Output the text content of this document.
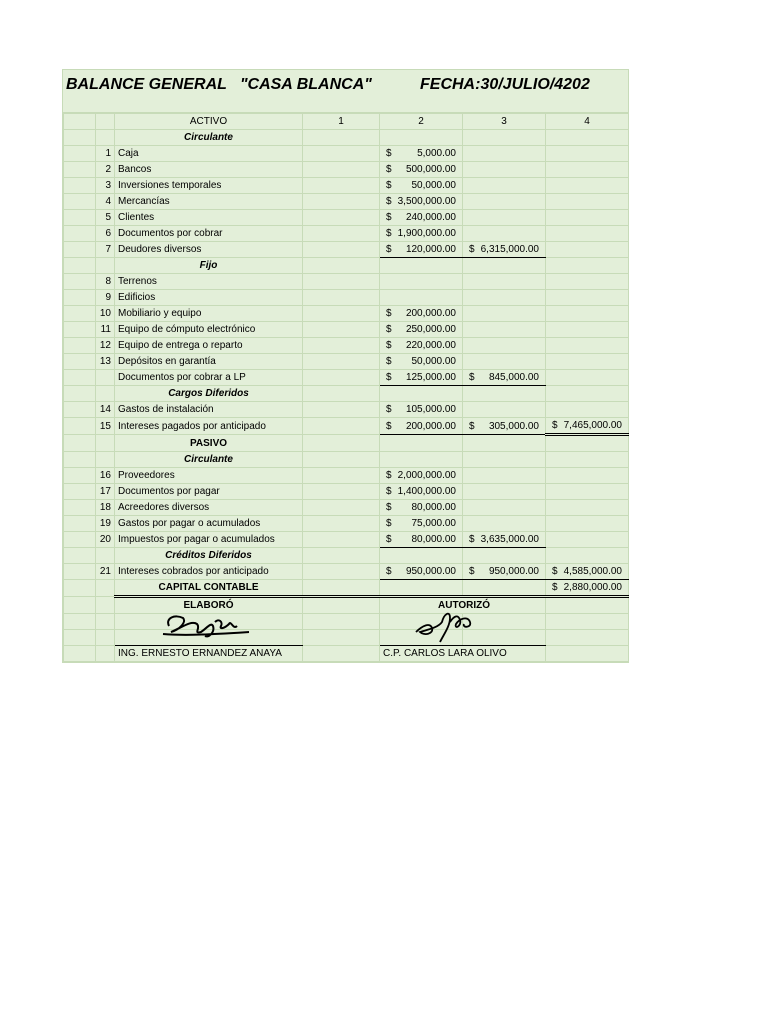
BALANCE GENERAL   "CASA BLANCA"	FECHA:30/JULIO/4202
		ACTIVO	1	2	3	4
		Circulante				
	1	Caja		$ 5,000.00		

	2	Bancos		$ 500,000.00		

	3	Inversiones temporales		$ 50,000.00		

	4	Mercancías		$ 3,500,000.00		

	5	Clientes		$ 240,000.00		

	6	Documentos por cobrar		$ 1,900,000.00		

	7	Deudores diversos		$ 120,000.00	$ 6,315,000.00	

		Fijo				
	8	Terrenos				
	9	Edificios				
	10	Mobiliario y equipo		$ 200,000.00		

	11	Equipo de cómputo electrónico		$ 250,000.00		

	12	Equipo de entrega o reparto		$ 220,000.00		

	13	Depósitos en garantía		$ 50,000.00		

		Documentos por cobrar a LP		$ 125,000.00	$ 845,000.00	

		Cargos Diferidos				
	14	Gastos de instalación		$ 105,000.00		

	15	Intereses pagados por anticipado		$ 200,000.00	$ 305,000.00	$ 7,465,000.00

		PASIVO				
		Circulante				
	16	Proveedores		$ 2,000,000.00		

	17	Documentos por pagar		$ 1,400,000.00		

	18	Acreedores diversos		$ 80,000.00		

	19	Gastos por pagar o acumulados		$ 75,000.00		

	20	Impuestos por pagar o acumulados		$ 80,000.00	$ 3,635,000.00	

		Créditos Diferidos				
	21	Intereses cobrados por anticipado		$ 950,000.00	$ 950,000.00	$ 4,585,000.00

		CAPITAL CONTABLE				$ 2,880,000.00

		ELABORÓ		AUTORIZÓ		

		ING. ERNESTO ERNANDEZ ANAYA		C.P. CARLOS LARA OLIVO		
